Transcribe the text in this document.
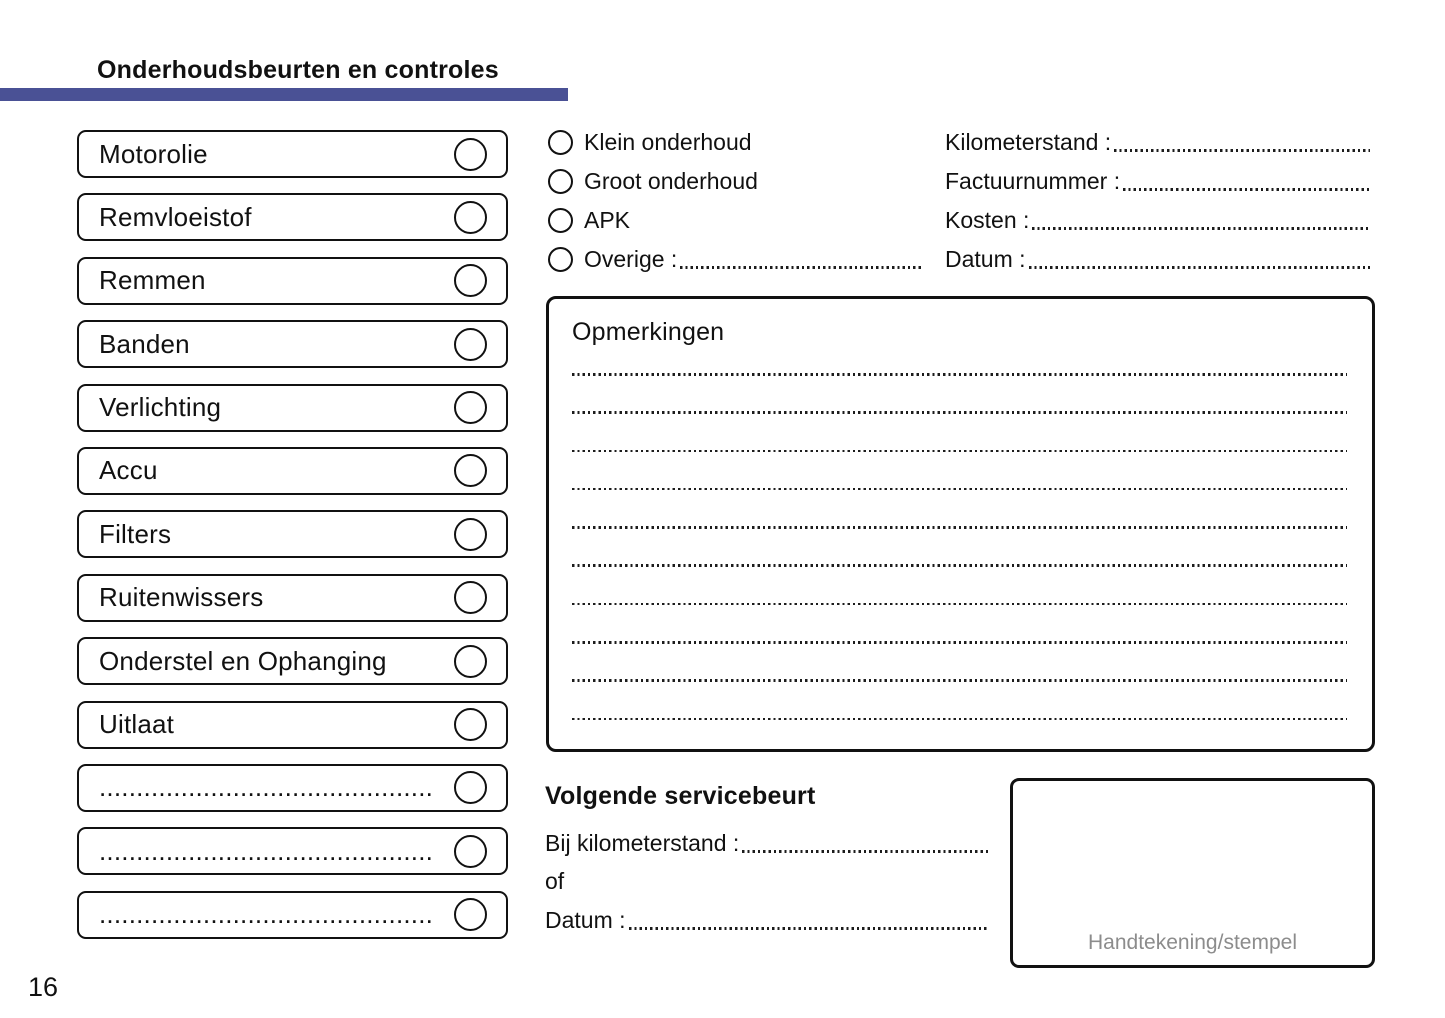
Onderhoudsbeurten en controles
Motorolie
Remvloeistof
Remmen
Banden
Verlichting
Accu
Filters
Ruitenwissers
Onderstel en Ophanging
Uitlaat
.............................................
.............................................
.............................................
Klein onderhoud
Groot onderhoud
APK
Overige :
Kilometerstand :
Factuurnummer :
Kosten :
Datum :
Opmerkingen
Volgende servicebeurt
Bij kilometerstand :
of
Datum :
Handtekening/stempel
16
